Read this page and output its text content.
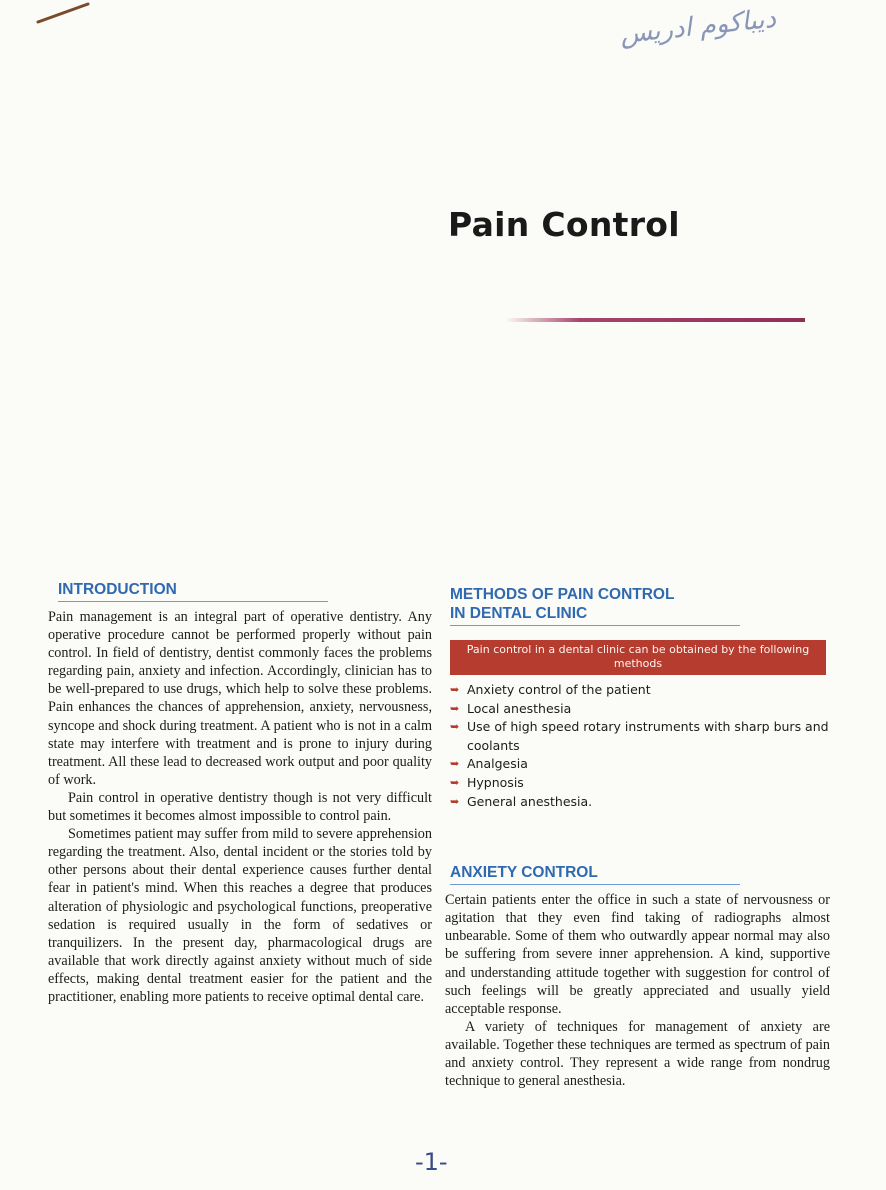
دیباکوم ادریس
Pain Control
INTRODUCTION

Pain management is an integral part of operative dentistry. Any operative procedure cannot be performed properly without pain control. In field of dentistry, dentist commonly faces the problems regarding pain, anxiety and infection. Accordingly, clinician has to be well-prepared to use drugs, which help to solve these problems. Pain enhances the chances of apprehension, anxiety, nervousness, syncope and shock during treatment. A patient who is not in a calm state may interfere with treatment and is prone to injury during treatment. All these lead to decreased work output and poor quality of work.

Pain control in operative dentistry though is not very difficult but sometimes it becomes almost impossible to control pain.

Sometimes patient may suffer from mild to severe apprehension regarding the treatment. Also, dental incident or the stories told by other persons about their dental experience causes further dental fear in patient's mind. When this reaches a degree that produces alteration of physiologic and psychological functions, preoperative sedation is required usually in the form of sedatives or tranquilizers. In the present day, pharmacological drugs are available that work directly against anxiety without much of side effects, making dental treatment easier for the patient and the practitioner, enabling more patients to receive optimal dental care.

METHODS OF PAIN CONTROL
IN DENTAL CLINIC
Pain control in a dental clinic can be obtained by the following methods
➥ Anxiety control of the patient
➥ Local anesthesia
➥ Use of high speed rotary instruments with sharp burs and coolants
➥ Analgesia
➥ Hypnosis
➥ General anesthesia.
ANXIETY CONTROL

Certain patients enter the office in such a state of nervousness or agitation that they even find taking of radiographs almost unbearable. Some of them who outwardly appear normal may also be suffering from severe inner apprehension. A kind, supportive and understanding attitude together with suggestion for control of such feelings will be greatly appreciated and usually yield acceptable response.

A variety of techniques for management of anxiety are available. Together these techniques are termed as spectrum of pain and anxiety control. They represent a wide range from nondrug technique to general anesthesia.

-1-
